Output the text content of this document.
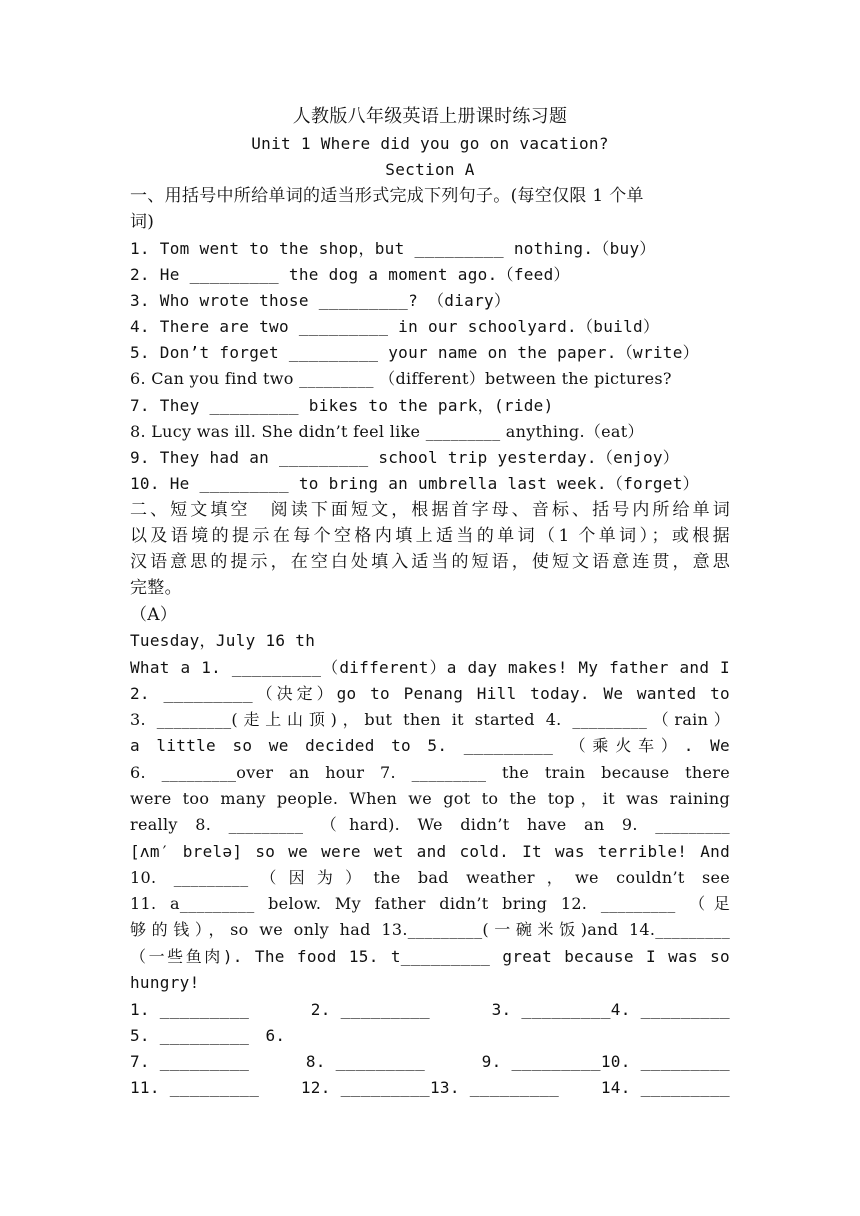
人教版八年级英语上册课时练习题
Unit 1 Where did you go on vacation?
Section A
一、用括号中所给单词的适当形式完成下列句子。(每空仅限 1 个单
词)
1. Tom went to the shop，but _________ nothing.（buy）
2. He _________ the dog a moment ago.（feed）
3. Who wrote those _________? （diary）
4. There are two _________ in our schoolyard.（build）
5. Don’t forget _________ your name on the paper.（write）
6. Can you find two _________ （different）between the pictures?
7. They _________ bikes to the park，(ride)
8. Lucy was ill. She didn’t feel like _________ anything.（eat）
9. They had an _________ school trip yesterday.（enjoy）
10. He _________ to bring an umbrella last week.（forget）
二、短文填空　阅读下面短文，根据首字母、音标、括号内所给单词
以及语境的提示在每个空格内填上适当的单词（1 个单词）；或根据
汉语意思的提示，在空白处填入适当的短语，使短文语意连贯，意思
完整。
（A）
Tuesday，July 16 th
What a 1. _________（different）a day makes! My father and I
2. _________（决定）go to Penang Hill today. We wanted to
3. _________(走上山顶)，but then it started 4. _________（rain）
a little so we decided to 5. _________ （乘火车）. We
6. _________over an hour 7. _________ the train because there
were too many people. When we got to the top，it was raining
really 8. _________ （hard). We didn’t have an 9. _________
[ʌm′ brelə] so we were wet and cold. It was terrible! And
10. _________（因为）the bad weather，we couldn’t see
11. a_________ below. My father didn’t bring 12. _________ （足
够的钱），so we only had 13._________(一碗米饭)and 14._________
（一些鱼肉). The food 15. t_________ great because I was so
hungry!
1. _________	2. _________	3. _________4. _________
5. _________　6.
7. _________	8. _________	9. _________10. _________
11. _________	12. _________13. _________	14. _________
